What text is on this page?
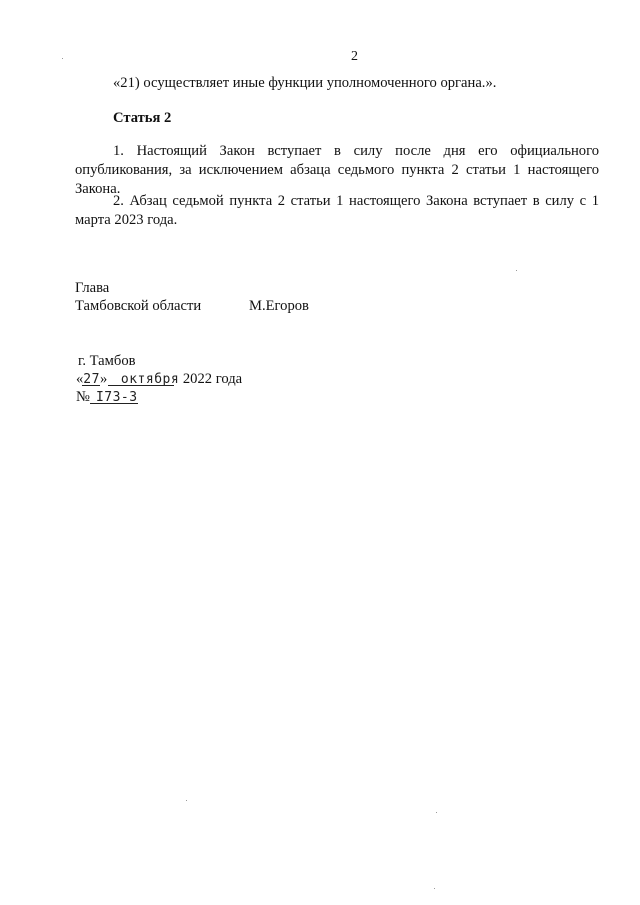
2
«21) осуществляет иные функции уполномоченного органа.».
Статья 2
1. Настоящий Закон вступает в силу после дня его официального опубликования, за исключением абзаца седьмого пункта 2 статьи 1 настоящего Закона.
2. Абзац седьмой пункта 2 статьи 1 настоящего Закона вступает в силу с 1 марта 2023 года.
Глава
Тамбовской области	М.Егоров
г. Тамбов
«27» октября 2022 года
№ I73-З
